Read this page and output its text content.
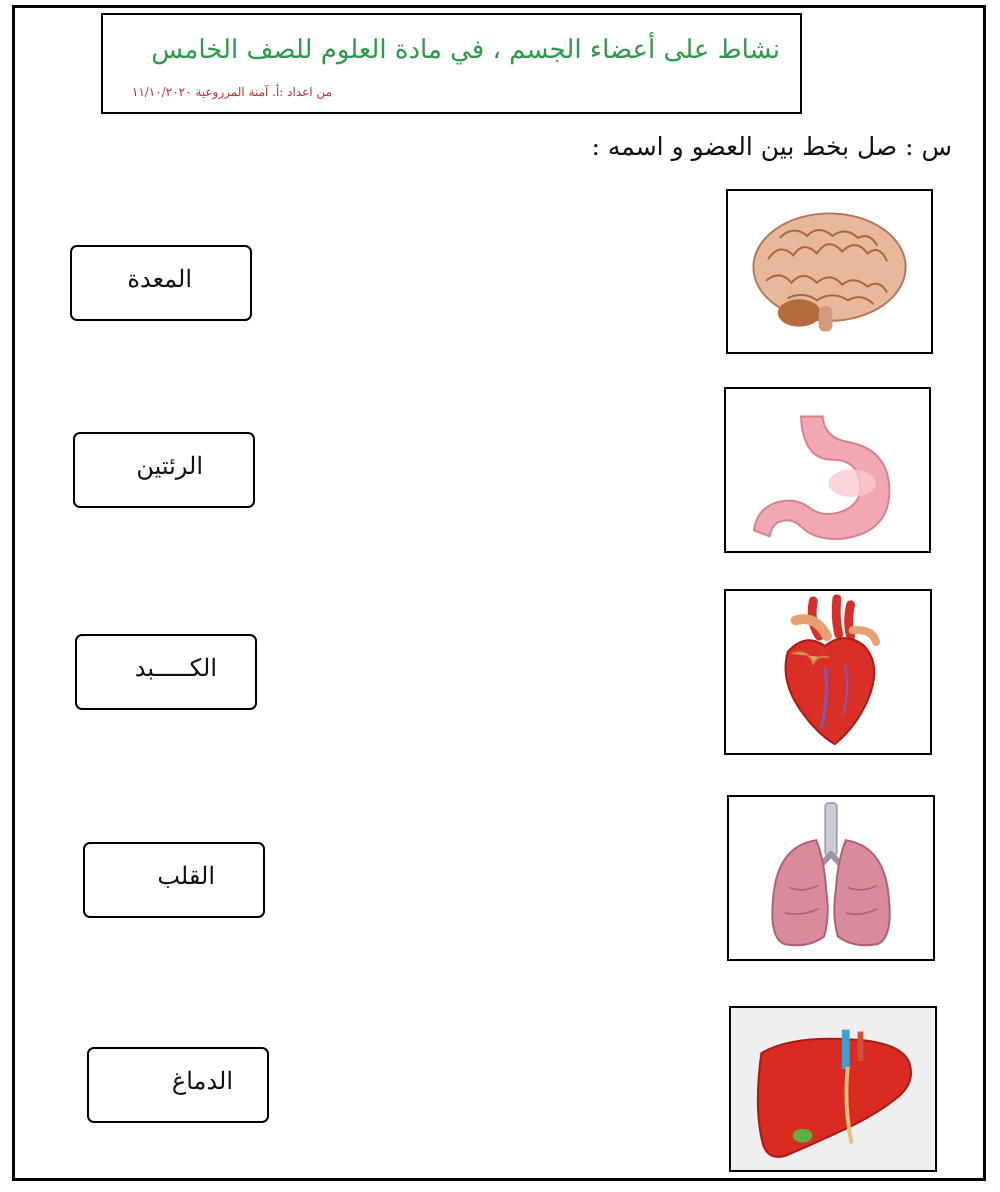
نشاط على أعضاء الجسم ، في مادة العلوم للصف الخامس
من اعداد :أ. آمنة المزروعية ١١/١٠/٢٠٢٠
س : صل بخط بين العضو و اسمه :
المعدة
الرئتين
الكـــــبد
القلب
الدماغ
